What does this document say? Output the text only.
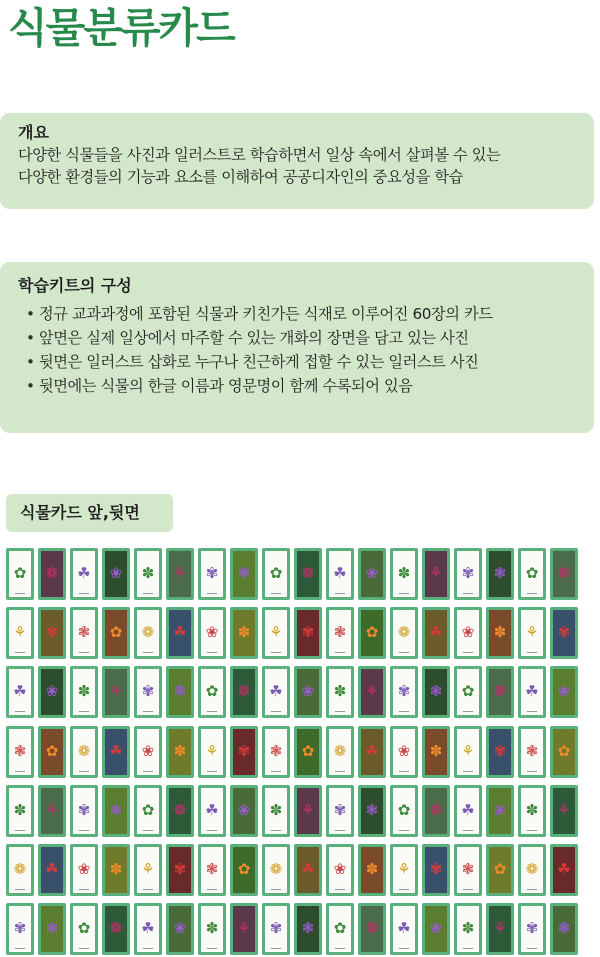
식물분류카드
개요

다양한 식물들을 사진과 일러스트로 학습하면서 일상 속에서 살펴볼 수 있는

다양한 환경들의 기능과 요소를 이해하여 공공디자인의 중요성을 학습

학습키트의 구성
• 정규 교과과정에 포함된 식물과 키친가든 식재로 이루어진 60장의 카드
• 앞면은 실제 일상에서 마주할 수 있는 개화의 장면을 담고 있는 사진
• 뒷면은 일러스트 삽화로 누구나 친근하게 접할 수 있는 일러스트 사진
• 뒷면에는 식물의 한글 이름과 영문명이 함께 수록되어 있음
식물카드 앞,뒷면
✿ ❁ ☘ ❀ ✽ ⚘ ✾ ❃ ✿ ❁ ☘ ❀ ✽ ⚘ ✾ ❃ ✿ ❁
⚘ ✾ ❃ ✿ ❁ ☘ ❀ ✽ ⚘ ✾ ❃ ✿ ❁ ☘ ❀ ✽ ⚘ ✾
☘ ❀ ✽ ⚘ ✾ ❃ ✿ ❁ ☘ ❀ ✽ ⚘ ✾ ❃ ✿ ❁ ☘ ❀
❃ ✿ ❁ ☘ ❀ ✽ ⚘ ✾ ❃ ✿ ❁ ☘ ❀ ✽ ⚘ ✾ ❃ ✿
✽ ⚘ ✾ ❃ ✿ ❁ ☘ ❀ ✽ ⚘ ✾ ❃ ✿ ❁ ☘ ❀ ✽ ⚘
❁ ☘ ❀ ✽ ⚘ ✾ ❃ ✿ ❁ ☘ ❀ ✽ ⚘ ✾ ❃ ✿ ❁ ☘
✾ ❃ ✿ ❁ ☘ ❀ ✽ ⚘ ✾ ❃ ✿ ❁ ☘ ❀ ✽ ⚘ ✾ ❃
